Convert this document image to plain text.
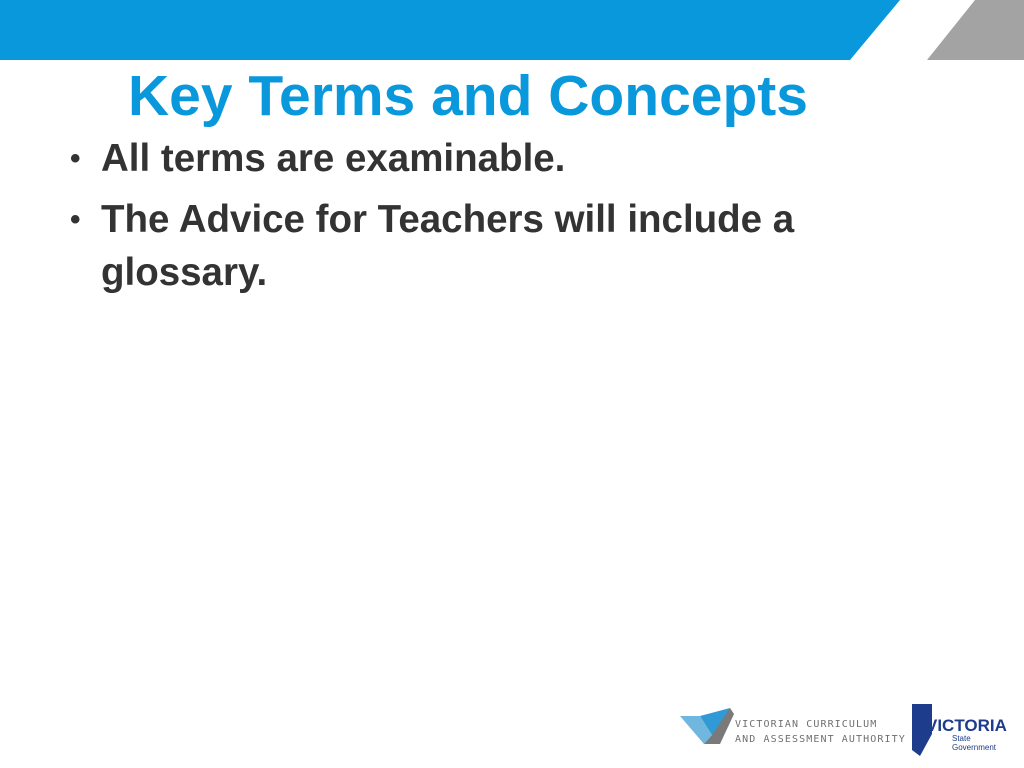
Key Terms and Concepts
• All terms are examinable.
• The Advice for Teachers will include a glossary.
VICTORIAN CURRICULUM
AND ASSESSMENT AUTHORITY
VICTORIA
State
Government
